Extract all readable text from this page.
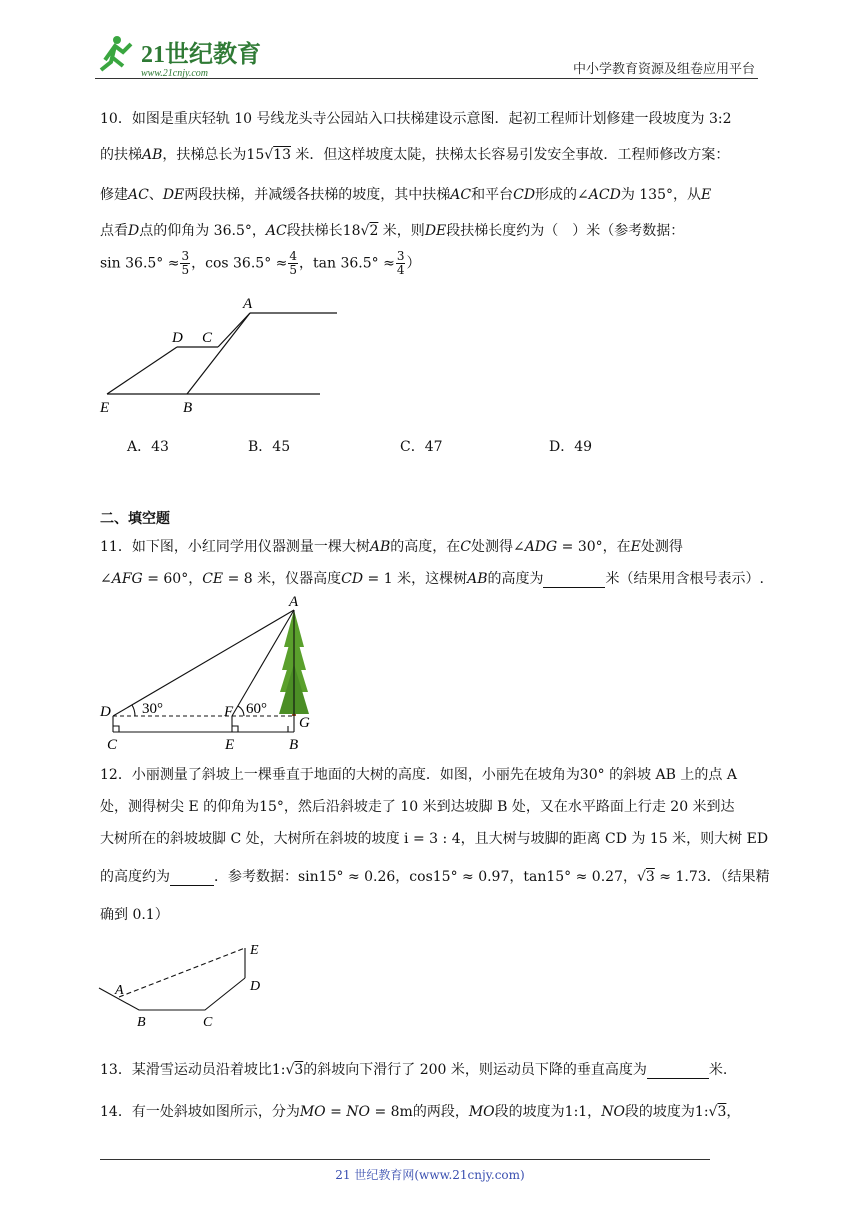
21世纪教育
www.21cnjy.com	中小学教育资源及组卷应用平台
10．如图是重庆轻轨 10 号线龙头寺公园站入口扶梯建设示意图．起初工程师计划修建一段坡度为 3:2
的扶梯AB，扶梯总长为15√13 米．但这样坡度太陡，扶梯太长容易引发安全事故．工程师修改方案：
修建AC、DE两段扶梯，并减缓各扶梯的坡度，其中扶梯AC和平台CD形成的∠ACD为 135°，从E
点看D点的仰角为 36.5°，AC段扶梯长18√2 米，则DE段扶梯长度约为（　）米（参考数据：
$\sin 36.5^\circ \approx \frac{3}{5}$ ，$\cos 36.5^\circ \approx \frac{4}{5}$ ，$\tan 36.5^\circ \approx \frac{3}{4}$ ）
A
D C
E	B
A．43	B．45	C．47	D．49
二、填空题
11．如下图，小红同学用仪器测量一棵大树AB的高度，在C处测得∠ADG = 30°，在E处测得
∠AFG = 60°，CE = 8 米，仪器高度CD = 1 米，这棵树AB的高度为	米（结果用含根号表示）.
A
D	F
G
C	E	B
30°	60°
12．小丽测量了斜坡上一棵垂直于地面的大树的高度．如图，小丽先在坡角为30° 的斜坡 AB 上的点 A
处，测得树尖 E 的仰角为15°，然后沿斜坡走了 10 米到达坡脚 B 处，又在水平路面上行走 20 米到达
大树所在的斜坡坡脚 C 处，大树所在斜坡的坡度 i = 3 : 4，且大树与坡脚的距离 CD 为 15 米，则大树 ED
的高度约为	．参考数据：sin15° ≈ 0.26，cos15° ≈ 0.97，tan15° ≈ 0.27，√3 ≈ 1.73．（结果精
确到 0.1）
A
B	C
D
E
13．某滑雪运动员沿着坡比1:√3的斜坡向下滑行了 200 米，则运动员下降的垂直高度为	米.
14．有一处斜坡如图所示，分为MO = NO = 8m的两段，MO段的坡度为1:1，NO段的坡度为1:√3，
21 世纪教育网(www.21cnjy.com)
